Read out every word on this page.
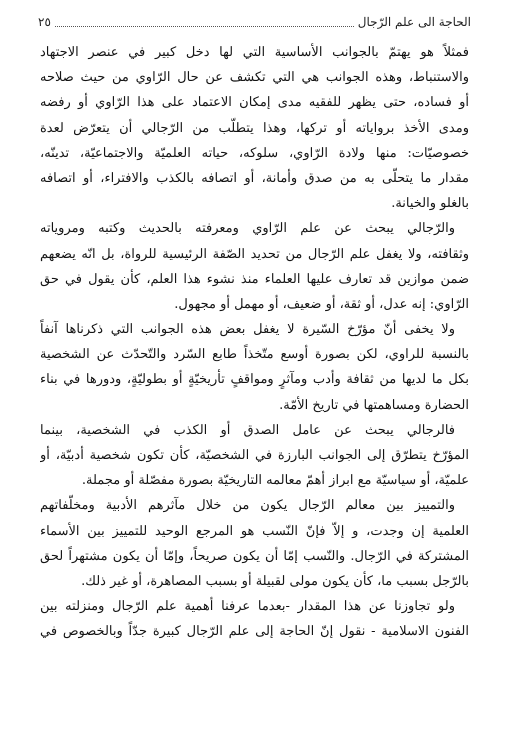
الحاجة الى علم الرّجال
٢٥
فمثلاً هو يهتمّ بالجوانب الأساسية التي لها دخل كبير في عنصر الاجتهاد
والاستنباط، وهذه الجوانب هي التي تكشف عن حال الرّاوي من حيث صلاحه
أو فساده، حتى يظهر للفقيه مدى إمكان الاعتماد على هذا الرّاوي أو رفضه
ومدى الأخذ برواياته أو تركها، وهذا يتطلّب من الرّجالي أن يتعرّض لعدة
خصوصيّات: منها ولادة الرّاوي، سلوكه، حياته العلميّة والاجتماعيّة، تدينّه،
مقدار ما يتحلّى به من صدق وأمانة، أو اتصافه بالكذب والافتراء، أو اتصافه
بالغلو والخيانة.
والرّجالي يبحث عن علم الرّاوي ومعرفته بالحديث وكتبه ومروياته
وثقافته، ولا يغفل علم الرّجال من تحديد الصّفة الرئيسية للرواة، بل انّه يضعهم
ضمن موازين قد تعارف عليها العلماء منذ نشوء هذا العلم، كأن يقول في حق
الرّاوي: إنه عدل، أو ثقة، أو ضعيف، أو مهمل أو مجهول.
ولا يخفى أنّ مؤرّخ السّيرة لا يغفل بعض هذه الجوانب التي ذكرناها آنفاً
بالنسبة للراوي، لكن بصورة أوسع متّخذاً طابع السّرد والتّحدّث عن الشخصية
بكل ما لديها من ثقافة وأدب ومآثرٍ ومواقفٍ تأريخيّةٍ أو بطوليّةٍ، ودورها في بناء
الحضارة ومساهمتها في تاريخ الأمّة.
فالرجالي يبحث عن عامل الصدق أو الكذب في الشخصية، بينما
المؤرّخ يتطرّق إلى الجوانب البارزة في الشخصيّة، كأن تكون شخصية أدبيّة، أو
علميّة، أو سياسيّة مع ابراز أهمّ معالمه التاريخيّة بصورة مفصّلة أو مجملة.
والتمييز بين معالم الرّجال يكون من خلال مآثرهم الأدبية ومخلّفاتهم
العلمية إن وجدت، و إلاّ فإنّ النّسب هو المرجع الوحيد للتمييز بين الأسماء
المشتركة في الرّجال. والنّسب إمّا أن يكون صريحاً، وإمّا أن يكون مشتهراً لحق
بالرّجل بسبب ما، كأن يكون مولى لقبيلة أو بسبب المصاهرة، أو غير ذلك.
ولو تجاوزنا عن هذا المقدار -بعدما عرفنا أهمية علم الرّجال ومنزلته بين
الفنون الاسلامية - نقول إنّ الحاجة إلى علم الرّجال كبيرة جدّاً وبالخصوص في
